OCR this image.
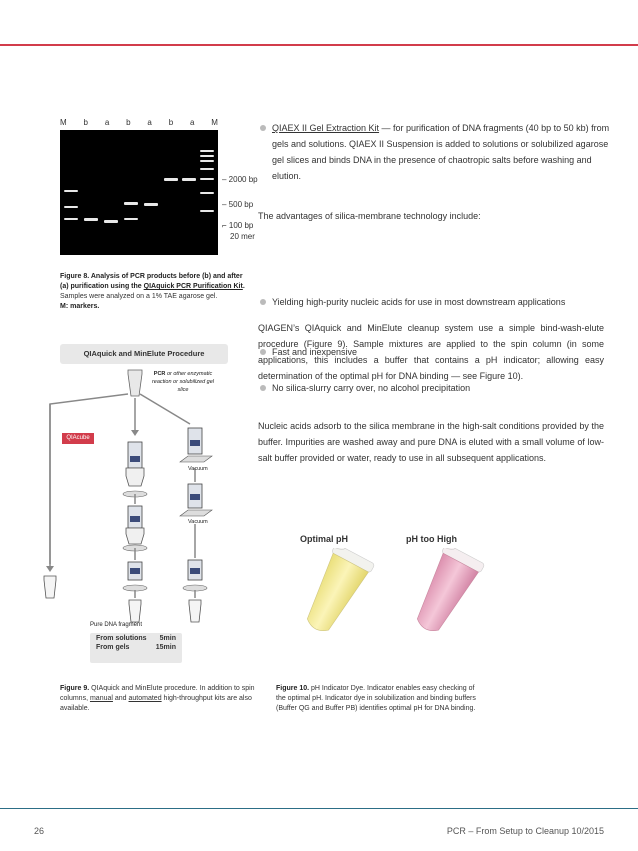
M b a b a b a M
– 2000 bp
– 500 bp
⌐ 100 bp
20 mer
Figure 8. Analysis of PCR products before (b) and after (a) purification using the QIAquick PCR Purification Kit.
Samples were analyzed on a 1% TAE agarose gel.
M: markers.
QIAquick and MinElute Procedure
PCR or other enzymatic reaction or solubilized gel slice
QIAcube
Vacuum
Vacuum
Pure DNA fragment
From solutions 5min
From gels	15min
Figure 9. QIAquick and MinElute procedure. In addition to spin columns, manual and automated high-throughput kits are also available.
QIAEX II Gel Extraction Kit — for purification of DNA fragments (40 bp to 50 kb) from gels and solutions. QIAEX II Suspension is added to solutions or solubilized agarose gel slices and binds DNA in the presence of chaotropic salts before washing and elution.
The advantages of silica-membrane technology include:
Yielding high-purity nucleic acids for use in most downstream applications
Fast and inexpensive
No silica-slurry carry over, no alcohol precipitation
QIAGEN’s QIAquick and MinElute cleanup system use a simple bind-wash-elute procedure (Figure 9). Sample mixtures are applied to the spin column (in some applications, this includes a buffer that contains a pH indicator; allowing easy determination of the optimal pH for DNA binding — see Figure 10).
Nucleic acids adsorb to the silica membrane in the high-salt conditions provided by the buffer. Impurities are washed away and pure DNA is eluted with a small volume of low-salt buffer provided or water, ready to use in all subsequent applications.
Optimal pH	pH too High
Figure 10. pH Indicator Dye. Indicator enables easy checking of the optimal pH. Indicator dye in solubilization and binding buffers (Buffer QG and Buffer PB) identifies optimal pH for DNA binding.
26	PCR – From Setup to Cleanup 10/2015
